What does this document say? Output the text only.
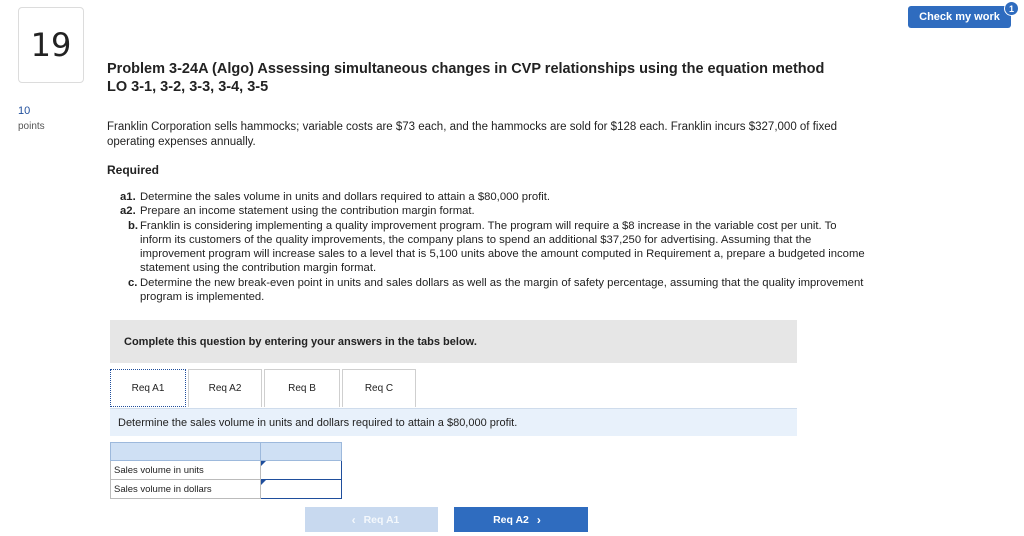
19
10
points
Check my work
1
Problem 3-24A (Algo) Assessing simultaneous changes in CVP relationships using the equation method
LO 3-1, 3-2, 3-3, 3-4, 3-5
Franklin Corporation sells hammocks; variable costs are $73 each, and the hammocks are sold for $128 each. Franklin incurs $327,000 of fixed operating expenses annually.
Required
a1. Determine the sales volume in units and dollars required to attain a $80,000 profit.
a2. Prepare an income statement using the contribution margin format.
b. Franklin is considering implementing a quality improvement program. The program will require a $8 increase in the variable cost per unit. To inform its customers of the quality improvements, the company plans to spend an additional $37,250 for advertising. Assuming that the improvement program will increase sales to a level that is 5,100 units above the amount computed in Requirement a, prepare a budgeted income statement using the contribution margin format.
c. Determine the new break-even point in units and sales dollars as well as the margin of safety percentage, assuming that the quality improvement program is implemented.
Complete this question by entering your answers in the tabs below.
Req A1	Req A2	Req B	Req C
Determine the sales volume in units and dollars required to attain a $80,000 profit.

Sales volume in units	

Sales volume in dollars	
‹ Req A1	Req A2 ›
